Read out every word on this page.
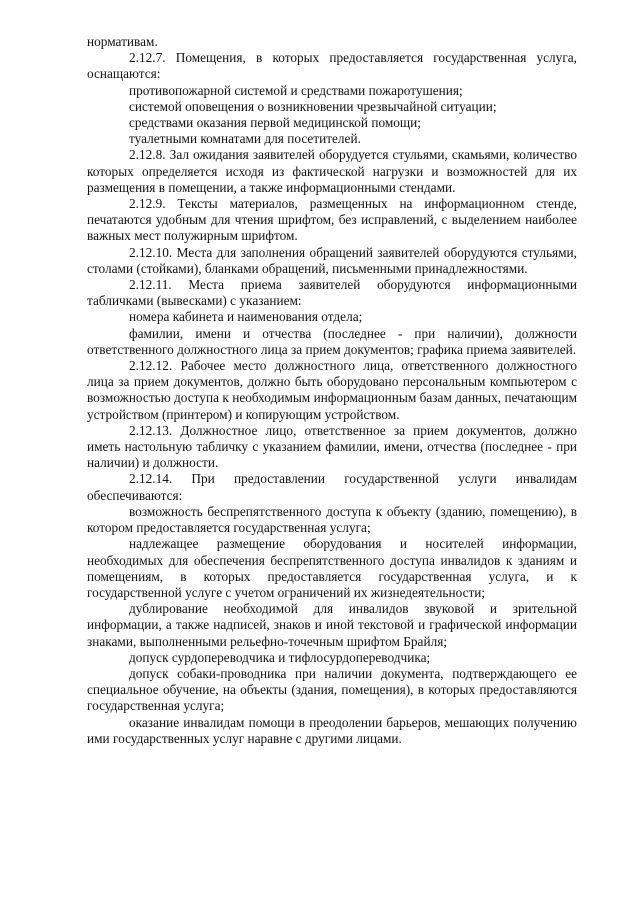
нормативам.

2.12.7. Помещения, в которых предоставляется государственная услуга, оснащаются:

противопожарной системой и средствами пожаротушения;

системой оповещения о возникновении чрезвычайной ситуации;

средствами оказания первой медицинской помощи;

туалетными комнатами для посетителей.

2.12.8. Зал ожидания заявителей оборудуется стульями, скамьями, количество которых определяется исходя из фактической нагрузки и возможностей для их размещения в помещении, а также информационными стендами.

2.12.9. Тексты материалов, размещенных на информационном стенде, печатаются удобным для чтения шрифтом, без исправлений, с выделением наиболее важных мест полужирным шрифтом.

2.12.10. Места для заполнения обращений заявителей оборудуются стульями, столами (стойками), бланками обращений, письменными принадлежностями.

2.12.11. Места приема заявителей оборудуются информационными табличками (вывесками) с указанием:

номера кабинета и наименования отдела;

фамилии, имени и отчества (последнее - при наличии), должности ответственного должностного лица за прием документов; графика приема заявителей.

2.12.12. Рабочее место должностного лица, ответственного должностного лица за прием документов, должно быть оборудовано персональным компьютером с возможностью доступа к необходимым информационным базам данных, печатающим устройством (принтером) и копирующим устройством.

2.12.13. Должностное лицо, ответственное за прием документов, должно иметь настольную табличку с указанием фамилии, имени, отчества (последнее - при наличии) и должности.

2.12.14. При предоставлении государственной услуги инвалидам обеспечиваются:

возможность беспрепятственного доступа к объекту (зданию, помещению), в котором предоставляется государственная услуга;

надлежащее размещение оборудования и носителей информации, необходимых для обеспечения беспрепятственного доступа инвалидов к зданиям и помещениям, в которых предоставляется государственная услуга, и к государственной услуге с учетом ограничений их жизнедеятельности;

дублирование необходимой для инвалидов звуковой и зрительной информации, а также надписей, знаков и иной текстовой и графической информации знаками, выполненными рельефно-точечным шрифтом Брайля;

допуск сурдопереводчика и тифлосурдопереводчика;

допуск собаки-проводника при наличии документа, подтверждающего ее специальное обучение, на объекты (здания, помещения), в которых предоставляются государственная услуга;

оказание инвалидам помощи в преодолении барьеров, мешающих получению ими государственных услуг наравне с другими лицами.
